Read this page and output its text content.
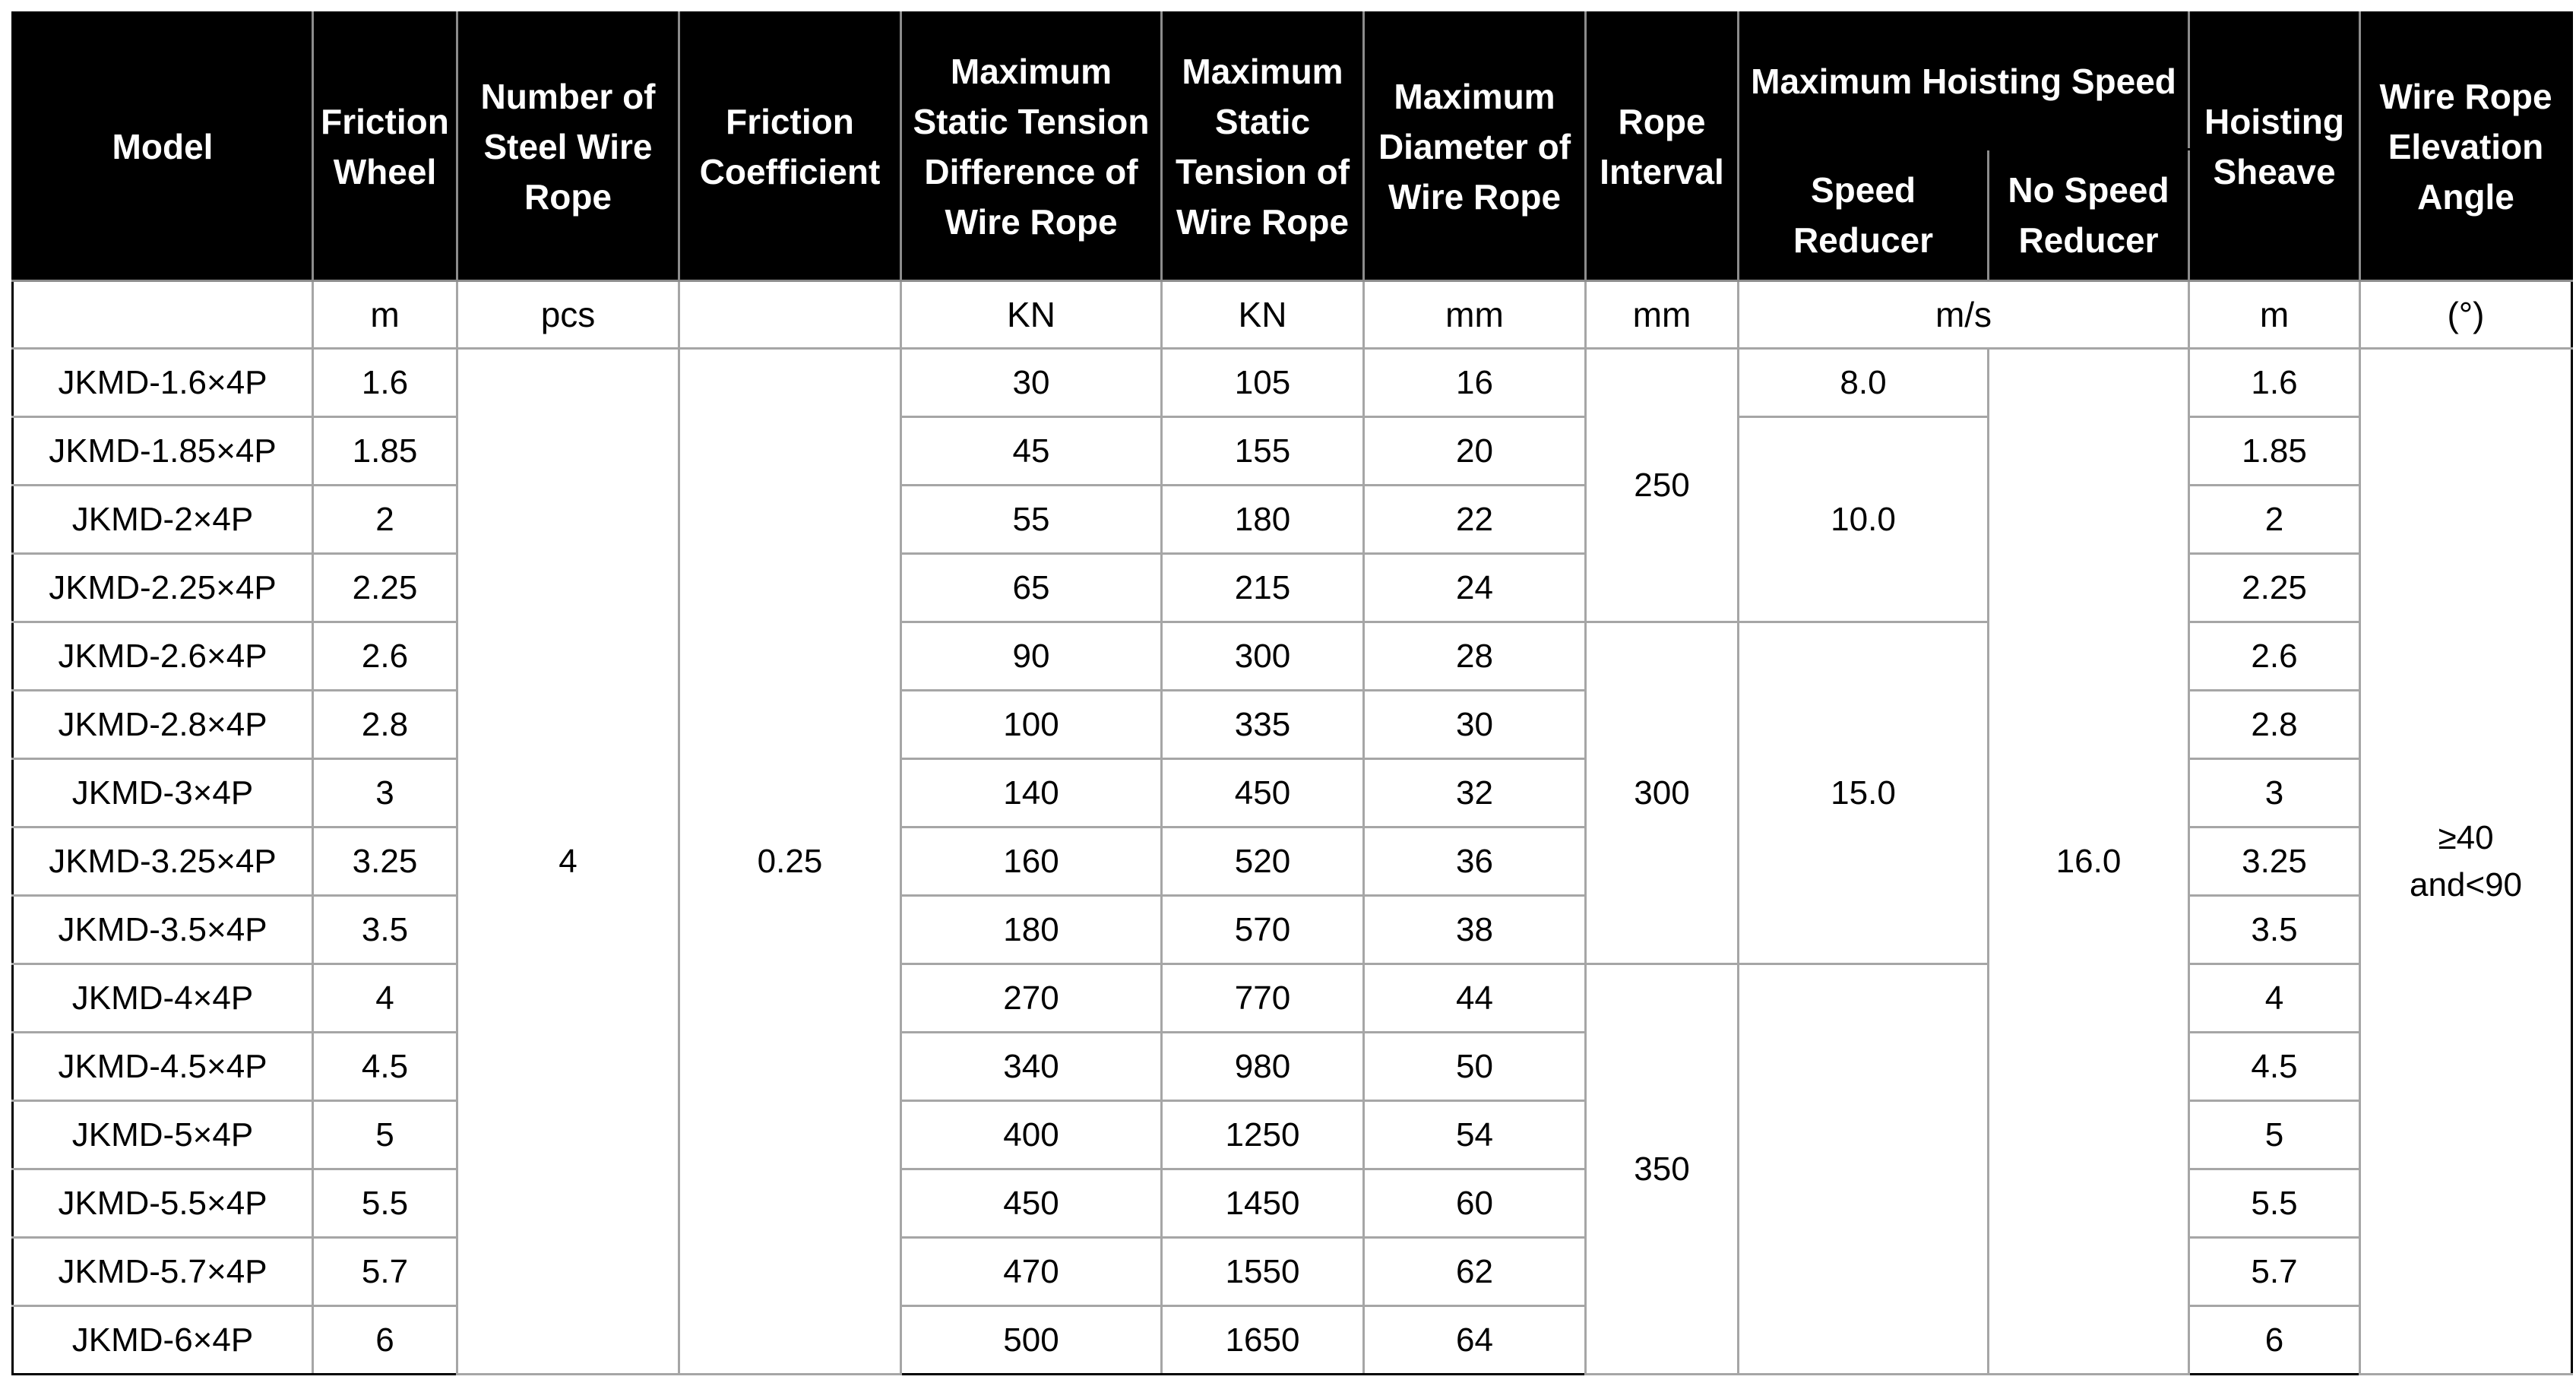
Model	Friction Wheel	Number of Steel Wire Rope	Friction Coefficient	Maximum Static Tension Difference of Wire Rope	Maximum Static Tension of Wire Rope	Maximum Diameter of Wire Rope	Rope Interval	Maximum Hoisting Speed		Hoisting Sheave	Wire Rope Elevation Angle
								Speed Reducer	No Speed Reducer		
	m	pcs		KN	KN	mm	mm	m/s		m	(°)
JKMD-1.6×4P	1.6	4	0.25	30	105	16	250	8.0	16.0	1.6	≥40
and<90

JKMD-1.85×4P	1.85			45	155	20		10.0		1.85	
JKMD-2×4P	2			55	180	22				2	
JKMD-2.25×4P	2.25			65	215	24				2.25	
JKMD-2.6×4P	2.6			90	300	28	300	15.0		2.6	
JKMD-2.8×4P	2.8			100	335	30				2.8	
JKMD-3×4P	3			140	450	32				3	
JKMD-3.25×4P	3.25			160	520	36				3.25	
JKMD-3.5×4P	3.5			180	570	38				3.5	
JKMD-4×4P	4			270	770	44	350			4	
JKMD-4.5×4P	4.5			340	980	50				4.5	
JKMD-5×4P	5			400	1250	54				5	
JKMD-5.5×4P	5.5			450	1450	60				5.5	
JKMD-5.7×4P	5.7			470	1550	62				5.7	
JKMD-6×4P	6			500	1650	64				6	
